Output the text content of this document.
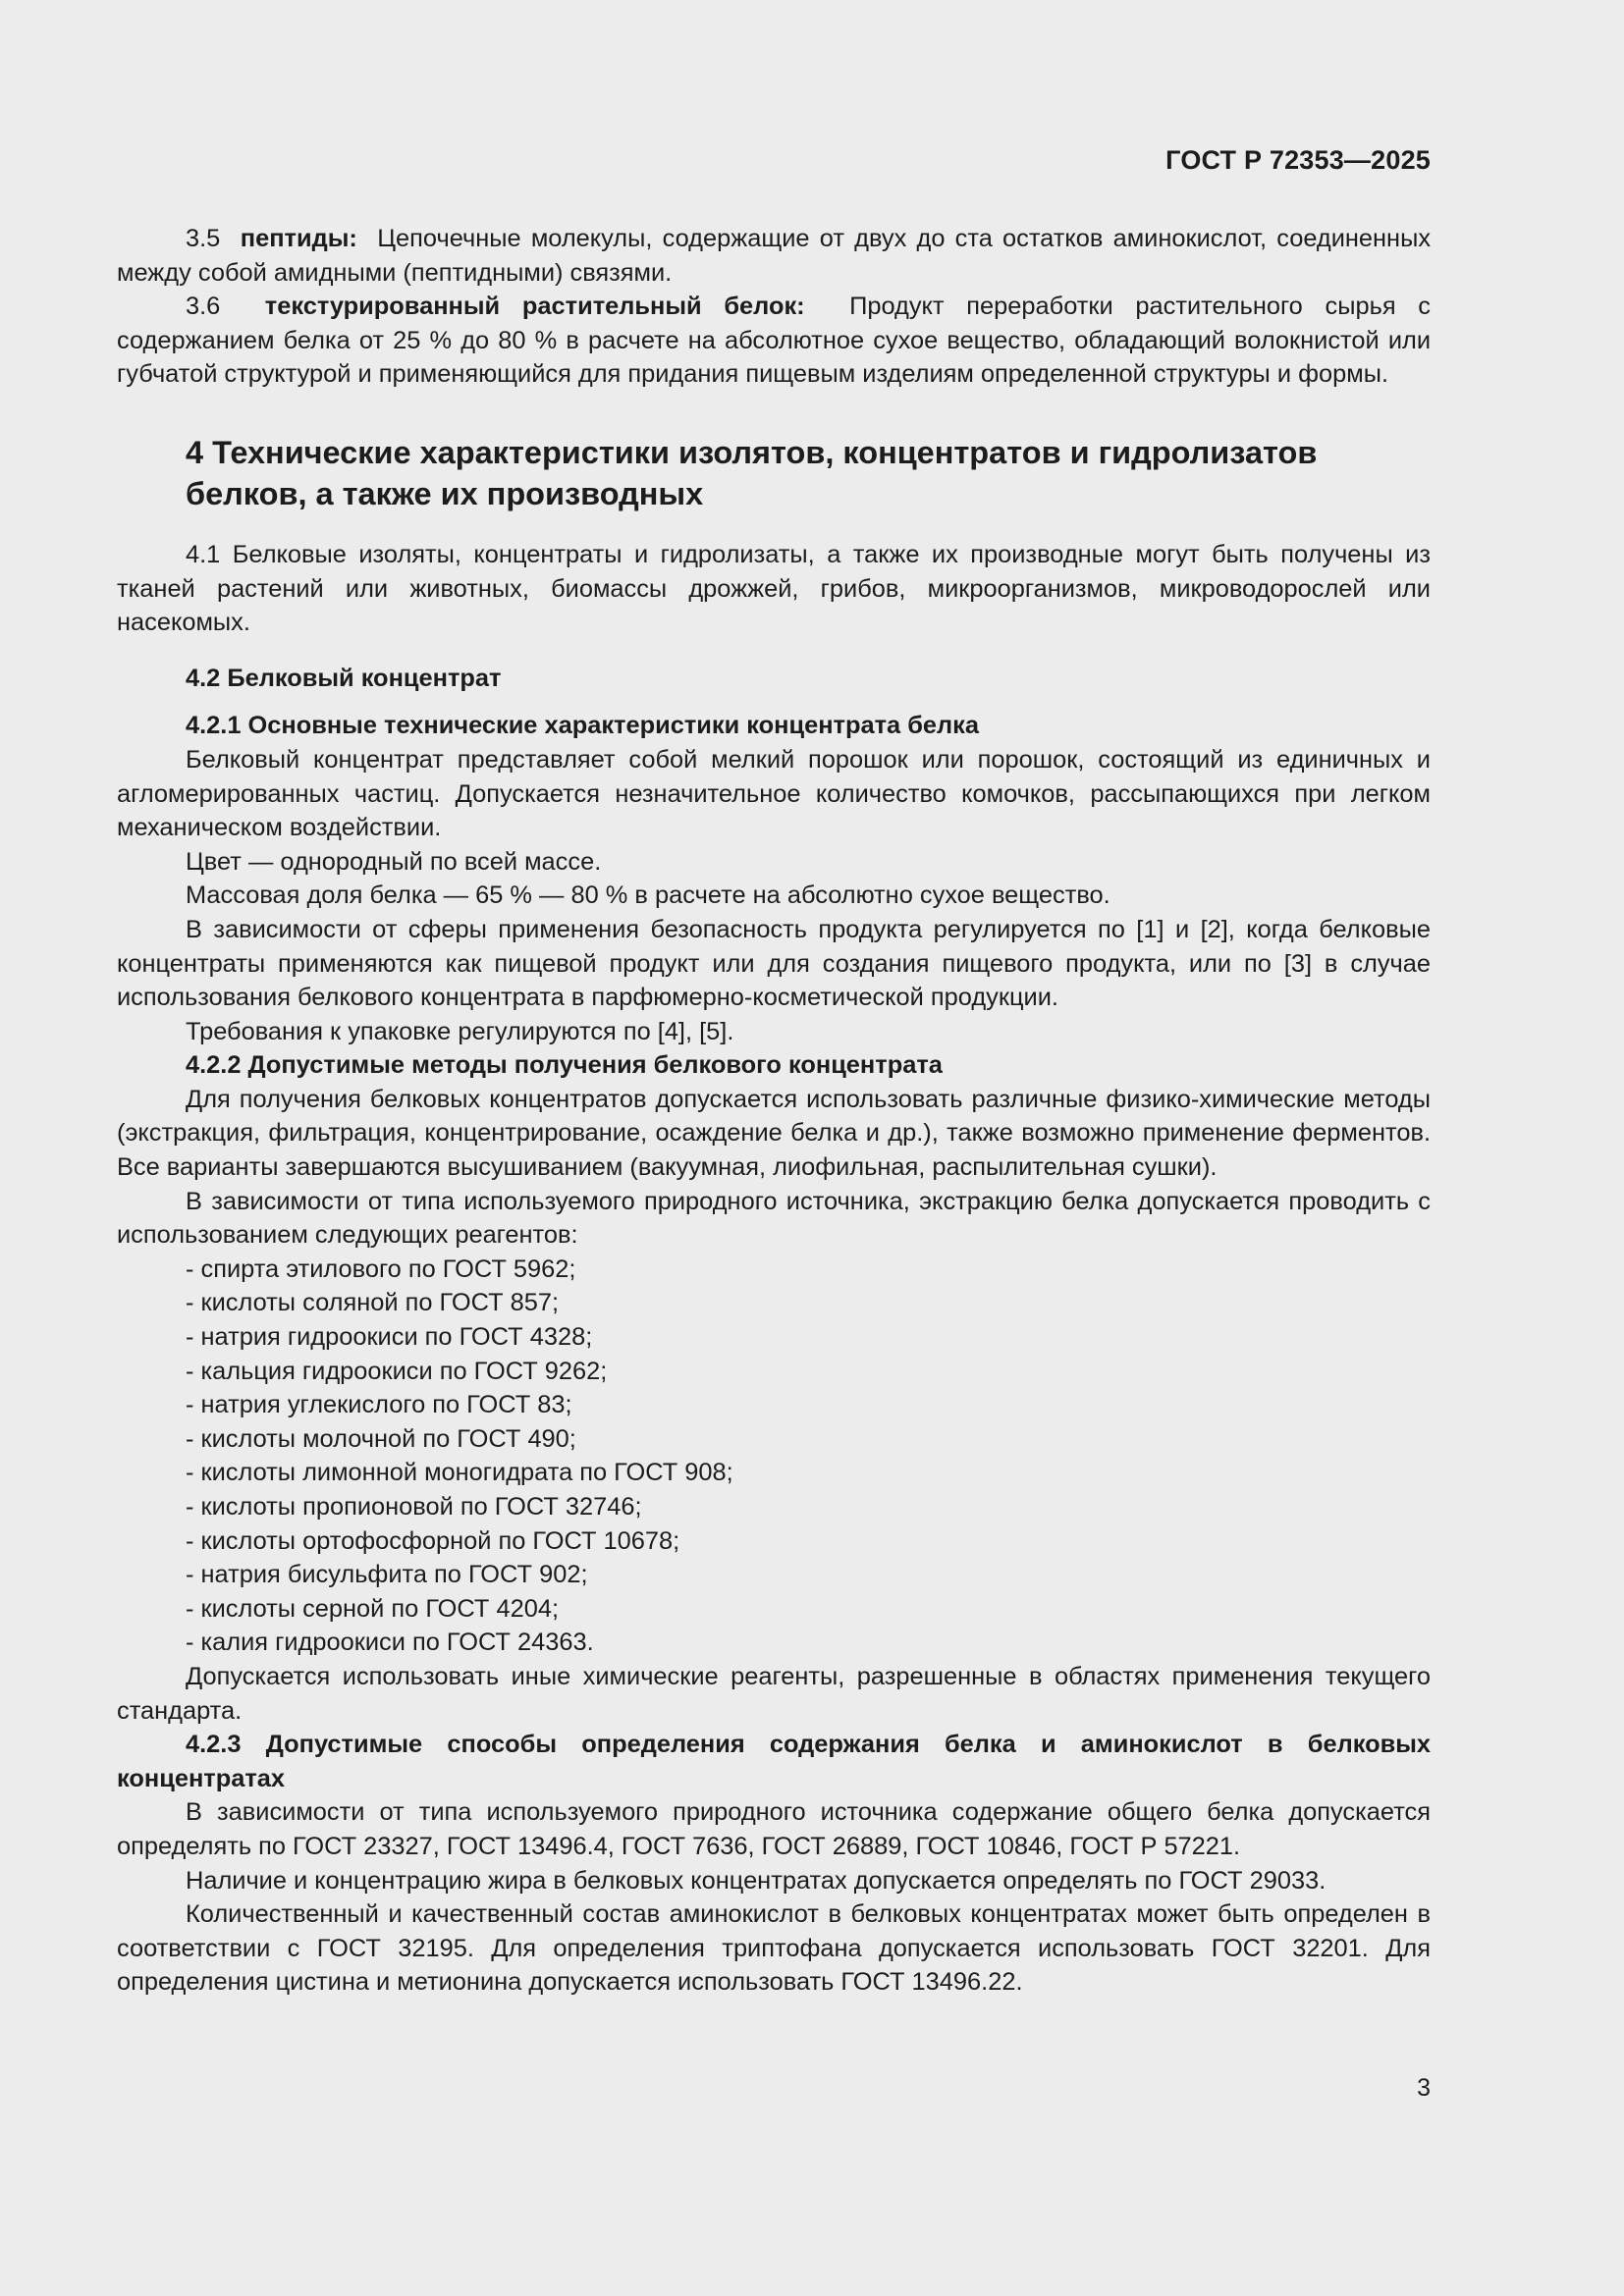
ГОСТ Р 72353—2025

3.5 пептиды: Цепочечные молекулы, содержащие от двух до ста остатков аминокислот, соединенных между собой амидными (пептидными) связями.

3.6 текстурированный растительный белок: Продукт переработки растительного сырья с содержанием белка от 25 % до 80 % в расчете на абсолютное сухое вещество, обладающий волокнистой или губчатой структурой и применяющийся для придания пищевым изделиям определенной структуры и формы.

4 Технические характеристики изолятов, концентратов и гидролизатов
белков, а также их производных

4.1 Белковые изоляты, концентраты и гидролизаты, а также их производные могут быть получены из тканей растений или животных, биомассы дрожжей, грибов, микроорганизмов, микроводорослей или насекомых.

4.2 Белковый концентрат
4.2.1 Основные технические характеристики концентрата белка

Белковый концентрат представляет собой мелкий порошок или порошок, состоящий из единичных и агломерированных частиц. Допускается незначительное количество комочков, рассыпающихся при легком механическом воздействии.

Цвет — однородный по всей массе.

Массовая доля белка — 65 % — 80 % в расчете на абсолютно сухое вещество.

В зависимости от сферы применения безопасность продукта регулируется по [1] и [2], когда белковые концентраты применяются как пищевой продукт или для создания пищевого продукта, или по [3] в случае использования белкового концентрата в парфюмерно-косметической продукции.

Требования к упаковке регулируются по [4], [5].

4.2.2 Допустимые методы получения белкового концентрата

Для получения белковых концентратов допускается использовать различные физико-химические методы (экстракция, фильтрация, концентрирование, осаждение белка и др.), также возможно применение ферментов. Все варианты завершаются высушиванием (вакуумная, лиофильная, распылительная сушки).

В зависимости от типа используемого природного источника, экстракцию белка допускается проводить с использованием следующих реагентов:

- спирта этилового по ГОСТ 5962;
- кислоты соляной по ГОСТ 857;
- натрия гидроокиси по ГОСТ 4328;
- кальция гидроокиси по ГОСТ 9262;
- натрия углекислого по ГОСТ 83;
- кислоты молочной по ГОСТ 490;
- кислоты лимонной моногидрата по ГОСТ 908;
- кислоты пропионовой по ГОСТ 32746;
- кислоты ортофосфорной по ГОСТ 10678;
- натрия бисульфита по ГОСТ 902;
- кислоты серной по ГОСТ 4204;
- калия гидроокиси по ГОСТ 24363.

Допускается использовать иные химические реагенты, разрешенные в областях применения текущего стандарта.

4.2.3 Допустимые способы определения содержания белка и аминокислот в белковых концентратах

В зависимости от типа используемого природного источника содержание общего белка допускается определять по ГОСТ 23327, ГОСТ 13496.4, ГОСТ 7636, ГОСТ 26889, ГОСТ 10846, ГОСТ Р 57221.

Наличие и концентрацию жира в белковых концентратах допускается определять по ГОСТ 29033.

Количественный и качественный состав аминокислот в белковых концентратах может быть определен в соответствии с ГОСТ 32195. Для определения триптофана допускается использовать ГОСТ 32201. Для определения цистина и метионина допускается использовать ГОСТ 13496.22.

3
